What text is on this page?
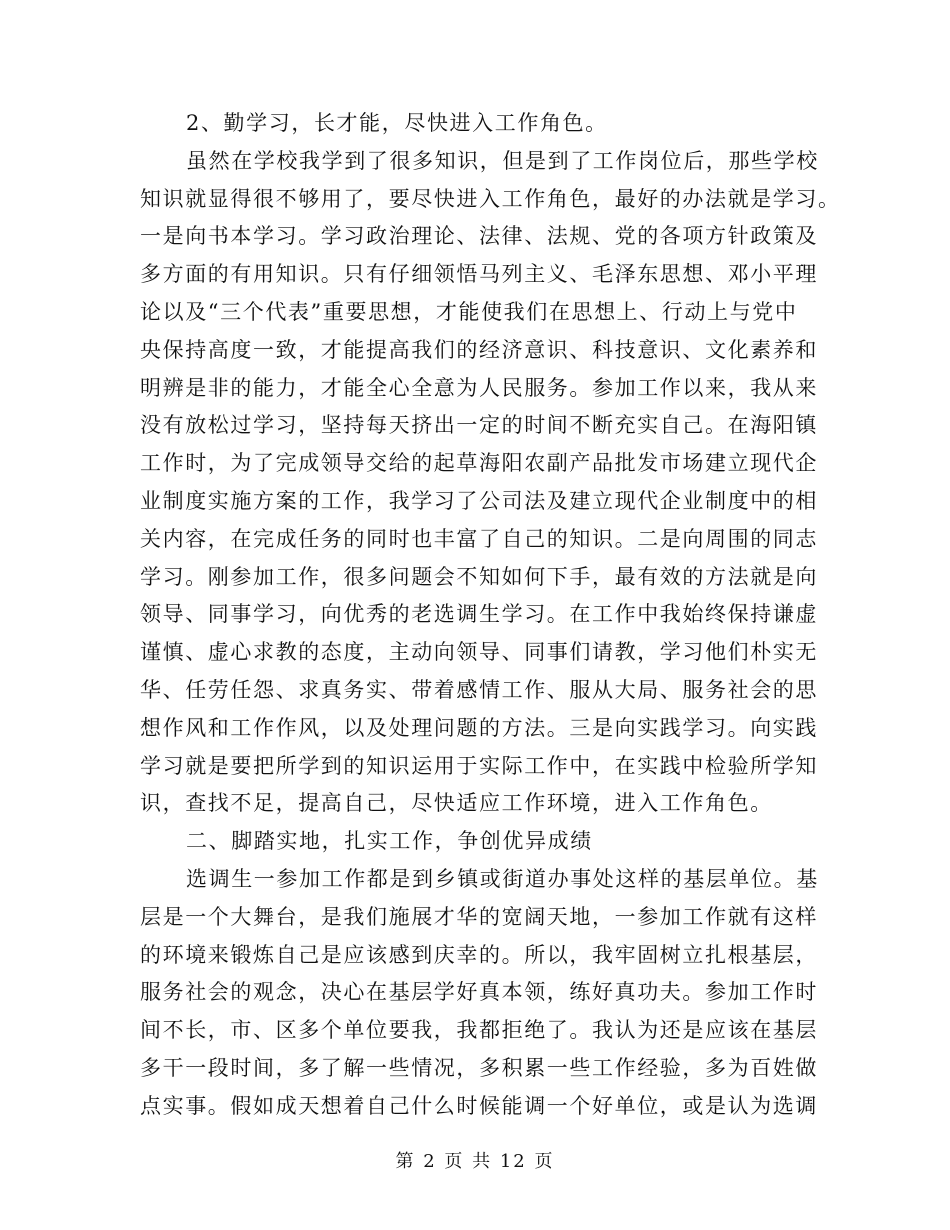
2、勤学习，长才能，尽快进入工作角色。
虽然在学校我学到了很多知识，但是到了工作岗位后，那些学校
知识就显得很不够用了，要尽快进入工作角色，最好的办法就是学习。
一是向书本学习。学习政治理论、法律、法规、党的各项方针政策及
多方面的有用知识。只有仔细领悟马列主义、毛泽东思想、邓小平理
论以及“三个代表”重要思想，才能使我们在思想上、行动上与党中
央保持高度一致，才能提高我们的经济意识、科技意识、文化素养和
明辨是非的能力，才能全心全意为人民服务。参加工作以来，我从来
没有放松过学习，坚持每天挤出一定的时间不断充实自己。在海阳镇
工作时，为了完成领导交给的起草海阳农副产品批发市场建立现代企
业制度实施方案的工作，我学习了公司法及建立现代企业制度中的相
关内容，在完成任务的同时也丰富了自己的知识。二是向周围的同志
学习。刚参加工作，很多问题会不知如何下手，最有效的方法就是向
领导、同事学习，向优秀的老选调生学习。在工作中我始终保持谦虚
谨慎、虚心求教的态度，主动向领导、同事们请教，学习他们朴实无
华、任劳任怨、求真务实、带着感情工作、服从大局、服务社会的思
想作风和工作作风，以及处理问题的方法。三是向实践学习。向实践
学习就是要把所学到的知识运用于实际工作中，在实践中检验所学知
识，查找不足，提高自己，尽快适应工作环境，进入工作角色。
二、脚踏实地，扎实工作，争创优异成绩
选调生一参加工作都是到乡镇或街道办事处这样的基层单位。基
层是一个大舞台，是我们施展才华的宽阔天地，一参加工作就有这样
的环境来锻炼自己是应该感到庆幸的。所以，我牢固树立扎根基层，
服务社会的观念，决心在基层学好真本领，练好真功夫。参加工作时
间不长，市、区多个单位要我，我都拒绝了。我认为还是应该在基层
多干一段时间，多了解一些情况，多积累一些工作经验，多为百姓做
点实事。假如成天想着自己什么时候能调一个好单位，或是认为选调
第 2 页 共 12 页
